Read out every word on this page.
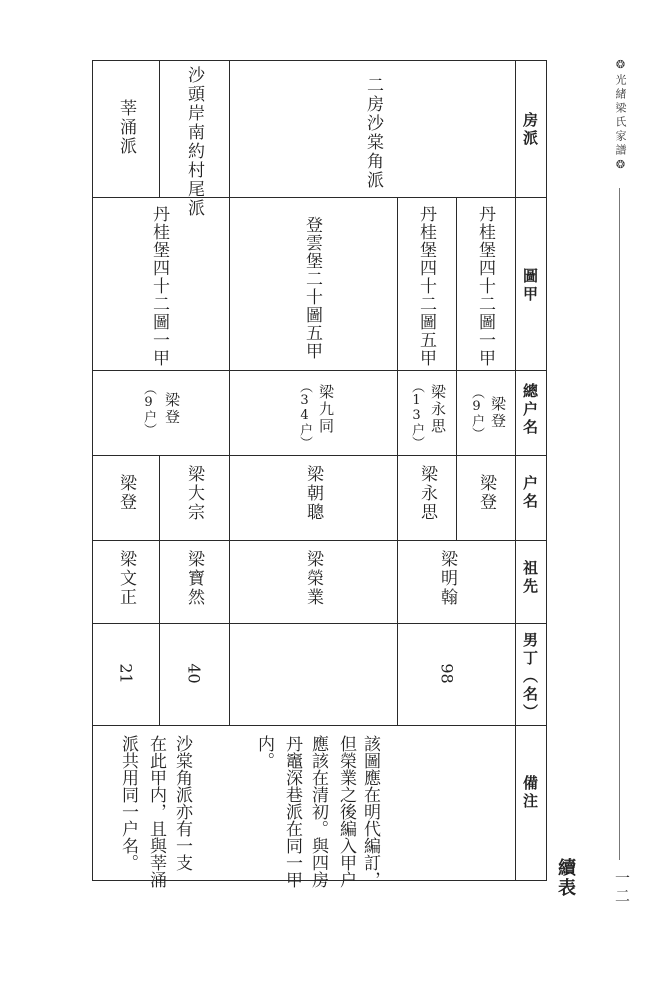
❂光緒梁氏家譜❂
一二
續表
房派
圖甲
總户名
户名
祖先
男丁（名）
備注
二房沙棠角派
沙頭岸南約村尾派
莘涌派
丹桂堡四十二圖一甲
丹桂堡四十二圖五甲
登雲堡二十圖五甲
丹桂堡四十二圖一甲
梁登
（9户）
梁永思
（13户）
梁九同
（34户）
梁登
（9户）
梁登
梁永思
梁朝聰
梁大宗
梁登
梁明翰
梁榮業
梁寶然
梁文正
98
40
21
該圖應在明代編訂，
但榮業之後編入甲户
應該在清初。與四房
丹竈深巷派在同一甲
内。
沙棠角派亦有一支
在此甲内，且與莘涌
派共用同一户名。
